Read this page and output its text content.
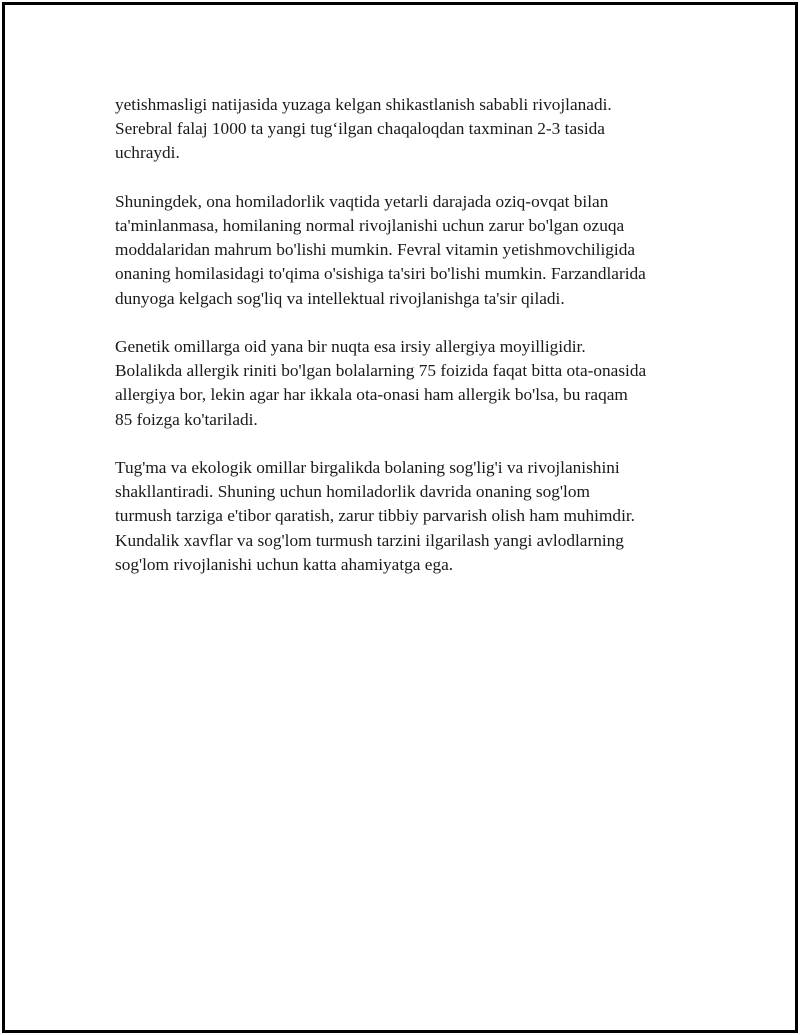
yetishmasligi natijasida yuzaga kelgan shikastlanish sababli rivojlanadi.
Serebral falaj 1000 ta yangi tug‘ilgan chaqaloqdan taxminan 2-3 tasida
uchraydi.
Shuningdek, ona homiladorlik vaqtida yetarli darajada oziq-ovqat bilan
ta'minlanmasa, homilaning normal rivojlanishi uchun zarur bo'lgan ozuqa
moddalaridan mahrum bo'lishi mumkin. Fevral vitamin yetishmovchiligida
onaning homilasidagi to'qima o'sishiga ta'siri bo'lishi mumkin. Farzandlarida
dunyoga kelgach sog'liq va intellektual rivojlanishga ta'sir qiladi.
Genetik omillarga oid yana bir nuqta esa irsiy allergiya moyilligidir.
Bolalikda allergik riniti bo'lgan bolalarning 75 foizida faqat bitta ota-onasida
allergiya bor, lekin agar har ikkala ota-onasi ham allergik bo'lsa, bu raqam
85 foizga ko'tariladi.
Tug'ma va ekologik omillar birgalikda bolaning sog'lig'i va rivojlanishini
shakllantiradi. Shuning uchun homiladorlik davrida onaning sog'lom
turmush tarziga e'tibor qaratish, zarur tibbiy parvarish olish ham muhimdir.
Kundalik xavflar va sog'lom turmush tarzini ilgarilash yangi avlodlarning
sog'lom rivojlanishi uchun katta ahamiyatga ega.
